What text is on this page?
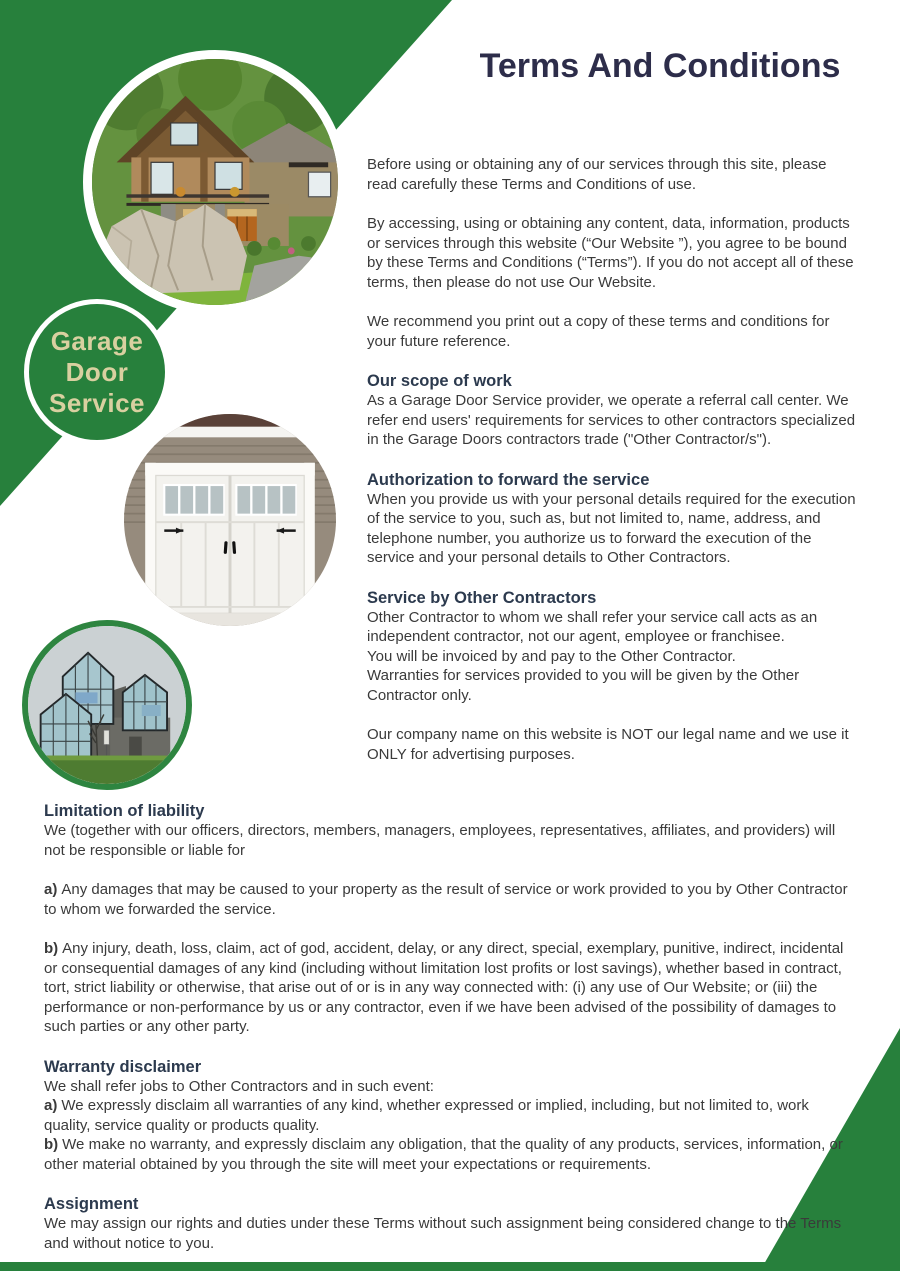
Garage
Door
Service
Terms And Conditions

Before using or obtaining any of our services through this site, please read carefully these Terms and Conditions of use.

By accessing, using or obtaining any content, data, information, products or services through this website (“Our Website ”), you agree to be bound by these Terms and Conditions (“Terms”). If you do not accept all of these terms, then please do not use Our Website.

We recommend you print out a copy of these terms and conditions for your future reference.

Our scope of work

As a Garage Door Service provider, we operate a referral call center. We refer end users' requirements for services to other contractors specialized in the Garage Doors contractors trade ("Other Contractor/s").

Authorization to forward the service

When you provide us with your personal details required for the execution of the service to you, such as, but not limited to, name, address, and telephone number, you authorize us to forward the execution of the service and your personal details to Other Contractors.

Service by Other Contractors

Other Contractor to whom we shall refer your service call acts as an independent contractor, not our agent, employee or franchisee.
You will be invoiced by and pay to the Other Contractor.
Warranties for services provided to you will be given by the Other Contractor only.

Our company name on this website is NOT our legal name and we use it ONLY for advertising purposes.

Limitation of liability

We (together with our officers, directors, members, managers, employees, representatives, affiliates, and providers) will not be responsible or liable for

a) Any damages that may be caused to your property as the result of service or work provided to you by Other Contractor to whom we forwarded the service.

b) Any injury, death, loss, claim, act of god, accident, delay, or any direct, special, exemplary, punitive, indirect, incidental or consequential damages of any kind (including without limitation lost profits or lost savings), whether based in contract, tort, strict liability or otherwise, that arise out of or is in any way connected with: (i) any use of Our Website; or (iii) the performance or non-performance by us or any contractor, even if we have been advised of the possibility of damages to such parties or any other party.

Warranty disclaimer

We shall refer jobs to Other Contractors and in such event:
a) We expressly disclaim all warranties of any kind, whether expressed or implied, including, but not limited to, work quality, service quality or products quality.
b) We make no warranty, and expressly disclaim any obligation, that the quality of any products, services, information, or other material obtained by you through the site will meet your expectations or requirements.

Assignment

We may assign our rights and duties under these Terms without such assignment being considered change to the Terms and without notice to you.
